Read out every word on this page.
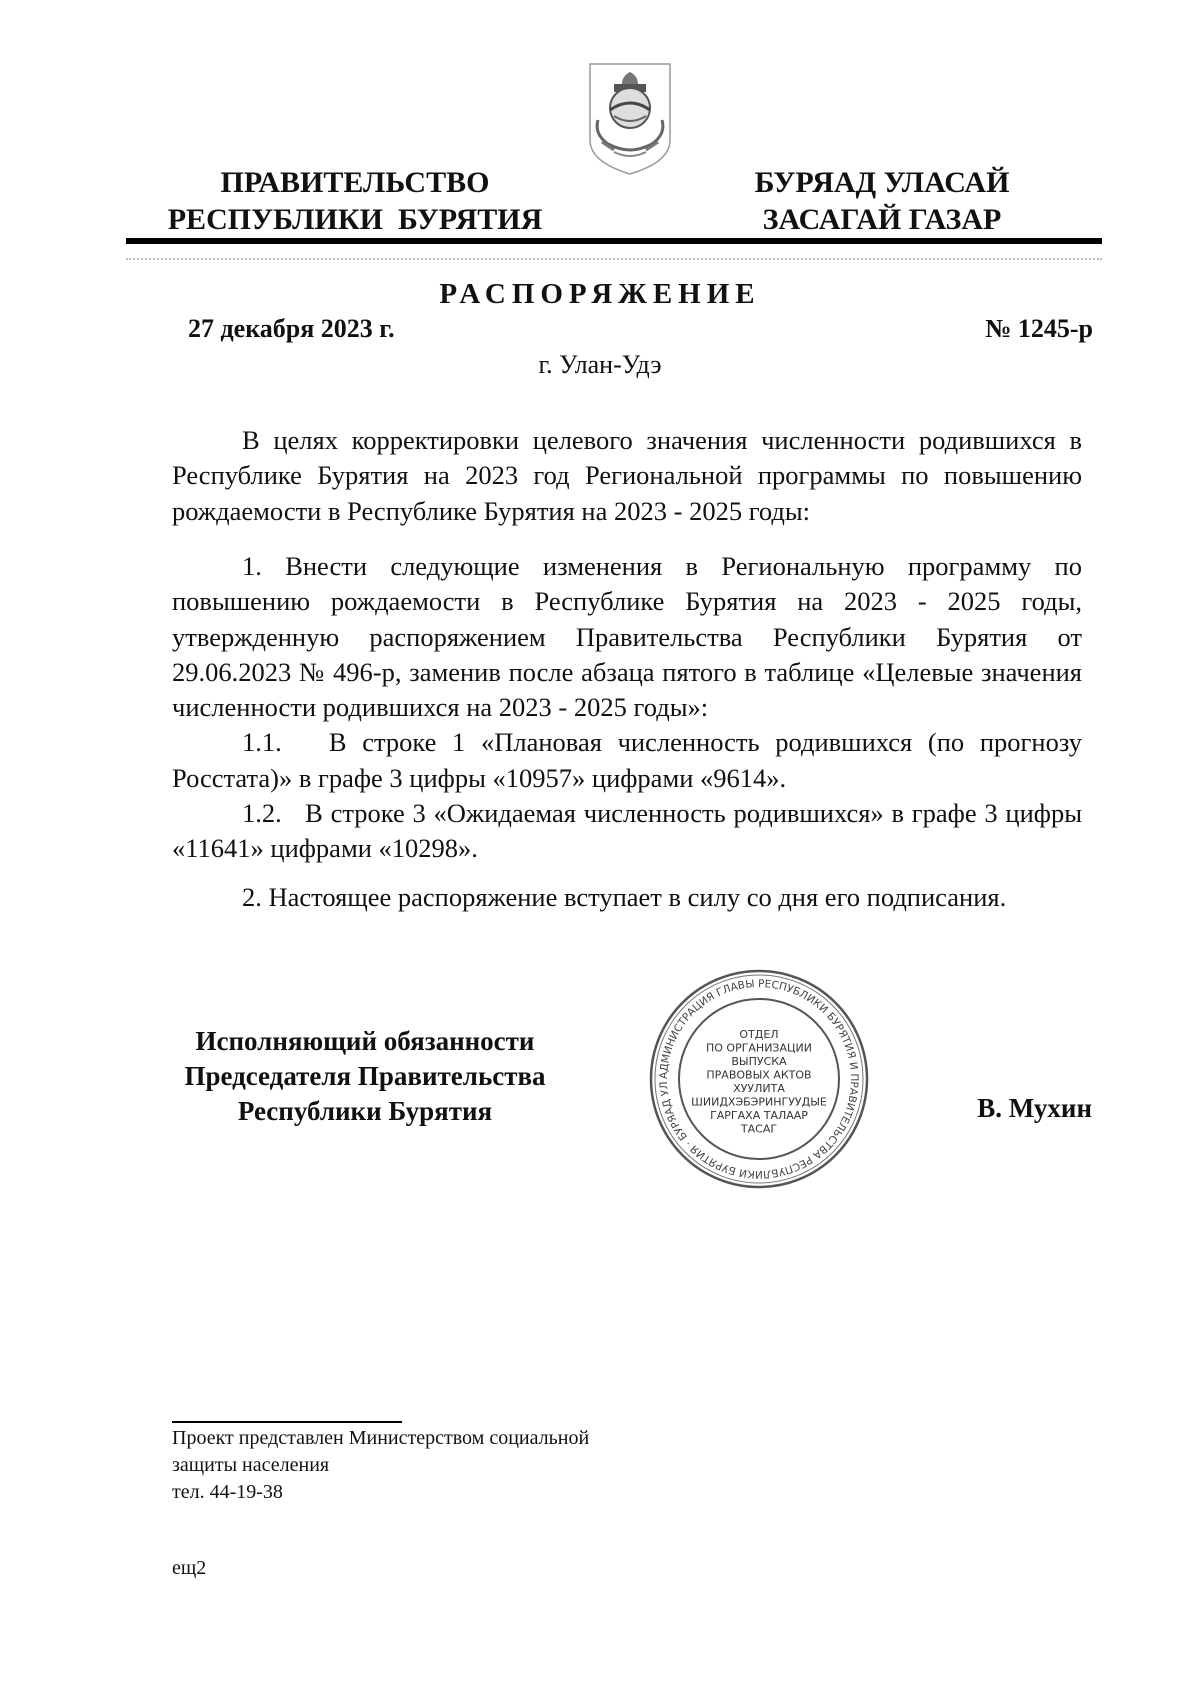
ПРАВИТЕЛЬСТВО
РЕСПУБЛИКИ  БУРЯТИЯ
БУРЯАД УЛАСАЙ
ЗАСАГАЙ ГАЗАР
РАСПОРЯЖЕНИЕ
27 декабря 2023 г.	№ 1245-р
г. Улан-Удэ

В целях корректировки целевого значения численности родившихся в Республике Бурятия на 2023 год Региональной программы по повышению рождаемости в Республике Бурятия на 2023 - 2025 годы:

1. Внести следующие изменения в Региональную программу по повышению рождаемости в Республике Бурятия на 2023 - 2025 годы, утвержденную распоряжением Правительства Республики Бурятия от 29.06.2023 № 496-р, заменив после абзаца пятого в таблице «Целевые значения численности родившихся на 2023 - 2025 годы»:

1.1.   В строке 1 «Плановая численность родившихся (по прогнозу Росстата)» в графе 3 цифры «10957» цифрами «9614».

1.2.   В строке 3 «Ожидаемая численность родившихся» в графе 3 цифры «11641» цифрами «10298».

2. Настоящее распоряжение вступает в силу со дня его подписания.

Исполняющий обязанности
Председателя Правительства
Республики Бурятия
АДМИНИСТРАЦИЯ ГЛАВЫ РЕСПУБЛИКИ БУРЯТИЯ И ПРАВИТЕЛЬСТВА РЕСПУБЛИКИ БУРЯТИЯ · БУРЯАД УЛ
ОТДЕЛ
ПО ОРГАНИЗАЦИИ
ВЫПУСКА
ПРАВОВЫХ АКТОВ
ХУУЛИТА
ШИИДХЭБЭРИНГУУДЫЕ
ГАРГАХА ТАЛААР
ТАСАГ
В. Мухин
Проект представлен Министерством социальной
защиты населения
тел. 44-19-38
ещ2
